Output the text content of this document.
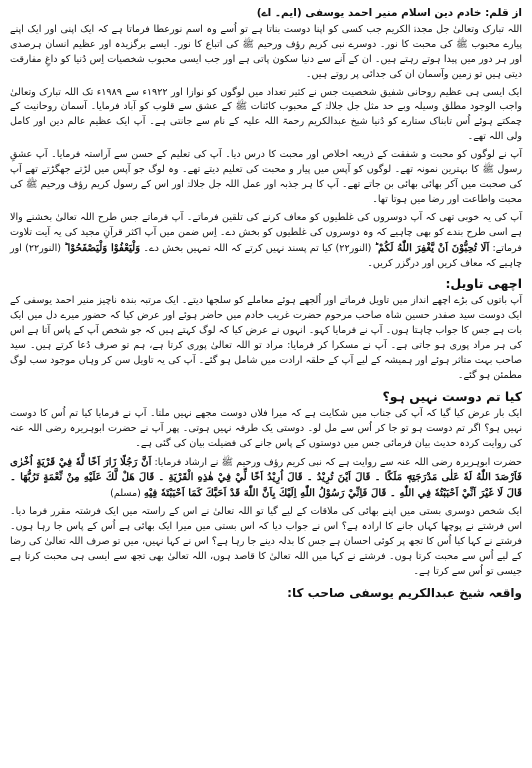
از قلم: خادم دین اسلام منیر احمد یوسفی (ایم۔ اے)

اللہ تبارک وتعالیٰ جل مجدہٗ الکریم جب کسی کو اپنا دوست بناتا ہے تو اُسے وہ اسم نورعطا فرماتا ہے کہ ایک اپنی اور ایک اپنے پیارے محبوب ﷺ کی محبت کا نور۔ دوسرے نبی کریم رؤف ورحیم ﷺ کی اتباع کا نور۔ ایسے برگزیدہ اور عظیم انسان ہرصدی اور ہر دور میں پیدا ہوتے رہتے ہیں۔ ان کے آنے سے دنیا سکون پاتی ہے اور جب ایسی محبوب شخصیات اِس دُنیا کو داغِ مفارقت دیتی ہیں تو زمین وآسمان ان کی جدائی پر روتے ہیں۔

ایک ایسی ہی عظیم روحانی شفیق شخصیت جس نے کثیر تعداد میں لوگوں کو نوازا اور ۱۹۲۲ء سے ۱۹۸۹ء تک اللہ تبارک وتعالیٰ واجب الوجود مطلق وسیلہ وبے حد مثل جل جلالہٗ کے محبوب کائنات ﷺ کے عشق سے قلوب کو آباد فرمایا۔ آسمان روحانیت کے چمکتے ہوئے اُس تابناک ستارے کو دُنیا شیخ عبدالکریم رحمۃ اللہ علیہ کے نام سے جانتی ہے۔ آپ ایک عظیم عالم دین اور کامل ولی اللہ تھے۔

آپ نے لوگوں کو محبت و شفقت کے ذریعہ اخلاص اور محبت کا درس دیا۔ آپ کی تعلیم کے حسن سے آراستہ فرمایا۔ آپ عشقِ رسول ﷺ کا بہترین نمونہ تھے۔ لوگوں کو آپس میں پیار و محبت کی تعلیم دیتے تھے۔ وہ لوگ جو آپس میں لڑتے جھگڑتے تھے آپ کی صحبت میں آکر بھائی بھائی بن جاتے تھے۔ آپ کا ہر جذبہ اور عمل اللہ جل جلالہٗ اور اس کے رسول کریم رؤف ورحیم ﷺ کی محبت واطاعت اور رضا میں ہوتا تھا۔

آپ کی یہ خوبی تھی کہ آپ دوسروں کی غلطیوں کو معاف کرنے کی تلقین فرماتے۔ آپ فرماتے جس طرح اللہ تعالیٰ بخشنے والا ہے اسی طرح بندے کو بھی چاہیے کہ وہ دوسروں کی غلطیوں کو بخش دے۔ اِس ضمن میں آپ اکثر قرآنِ مجید کی یہ آیت تلاوت فرماتے: اَلَا تُحِبُّوْنَ اَنْ يَّغْفِرَ اللّٰهُ لَكُمْ ؕ (النور۲۲) کیا تم پسند نہیں کرتے کہ اللہ تمہیں بخش دے۔ وَلْيَعْفُوْا وَلْيَصْفَحُوْا ؕ (النور۲۲) اور چاہیے کہ معاف کریں اور درگزر کریں۔

اچھی تاویل:

آپ باتوں کی بڑے اچھے انداز میں تاویل فرماتے اور اُلجھے ہوئے معاملے کو سلجھا دیتے۔ ایک مرتبہ بندہ ناچیز منیر احمد یوسفی کے ایک دوست سید صفدر حسین شاہ صاحب مرحوم حضرت غریب خادم میں حاضر ہوئے اور عرض کیا کہ حضور میرے دل میں ایک بات ہے جس کا جواب چاہتا ہوں۔ آپ نے فرمایا کہو۔ انہوں نے عرض کیا کہ لوگ کہتے ہیں کہ جو شخص آپ کے پاس آتا ہے اس کی ہر مراد پوری ہو جاتی ہے۔ آپ نے مسکرا کر فرمایا: مراد تو اللہ تعالیٰ پوری کرتا ہے، ہم تو صرف دُعا کرتے ہیں۔ سید صاحب بہت متاثر ہوئے اور ہمیشہ کے لیے آپ کے حلقہ ارادت میں شامل ہو گئے۔ آپ کی یہ تاویل سن کر وہاں موجود سب لوگ مطمئن ہو گئے۔

کیا تم دوست نہیں ہو؟

ایک بار عرض کیا گیا کہ آپ کی جناب میں شکایت ہے کہ میرا فلاں دوست مجھے نہیں ملتا۔ آپ نے فرمایا کیا تم اُس کا دوست نہیں ہو؟ اگر تم دوست ہو تو جا کر اُس سے مل لو۔ دوستی یک طرفہ نہیں ہوتی۔ پھر آپ نے حضرت ابوہریرہ رضی اللہ عنہ کی روایت کردہ حدیث بیان فرمائی جس میں دوستوں کے پاس جانے کی فضیلت بیان کی گئی ہے۔

حضرت ابوہریرہ رضی اللہ عنہ سے روایت ہے کہ نبی کریم رؤف ورحیم ﷺ نے ارشاد فرمایا: اَنَّ رَجُلًا زَارَ اَخًا لَّهٗ فِيْ قَرْيَةٍ اُخْرٰى فَاَرْصَدَ اللّٰهُ لَهٗ عَلٰى مَدْرَجَتِهٖ مَلَكًا ۔ قَالَ اَيْنَ تُرِيْدُ ۔ قَالَ اُرِيْدُ اَخًا لِّيْ فِيْ هٰذِهِ الْقَرْيَةِ ۔ قَالَ هَلْ لَّكَ عَلَيْهِ مِنْ نِّعْمَةٍ تَرُبُّهَا ۔ قَالَ لَا غَيْرَ اَنِّيْ اَحْبَبْتُهٗ فِي اللّٰهِ ۔ قَالَ فَاِنِّيْ رَسُوْلُ اللّٰهِ اِلَيْكَ بِاَنَّ اللّٰهَ قَدْ اَحَبَّكَ كَمَا اَحْبَبْتَهٗ فِيْهِ (مسلم)

ایک شخص دوسری بستی میں اپنے بھائی کی ملاقات کے لیے گیا تو اللہ تعالیٰ نے اس کے راستہ میں ایک فرشتہ مقرر فرما دیا۔ اس فرشتے نے پوچھا کہاں جانے کا ارادہ ہے؟ اس نے جواب دیا کہ اس بستی میں میرا ایک بھائی ہے اُس کے پاس جا رہا ہوں۔ فرشتے نے کہا کیا اُس کا تجھ پر کوئی احسان ہے جس کا بدلہ دینے جا رہا ہے؟ اس نے کہا نہیں، میں تو صرف اللہ تعالیٰ کی رضا کے لیے اُس سے محبت کرتا ہوں۔ فرشتے نے کہا میں اللہ تعالیٰ کا قاصد ہوں، اللہ تعالیٰ بھی تجھ سے ایسی ہی محبت کرتا ہے جیسی تو اُس سے کرتا ہے۔

واقعہ شیخ عبدالکریم یوسفی صاحب کا:
